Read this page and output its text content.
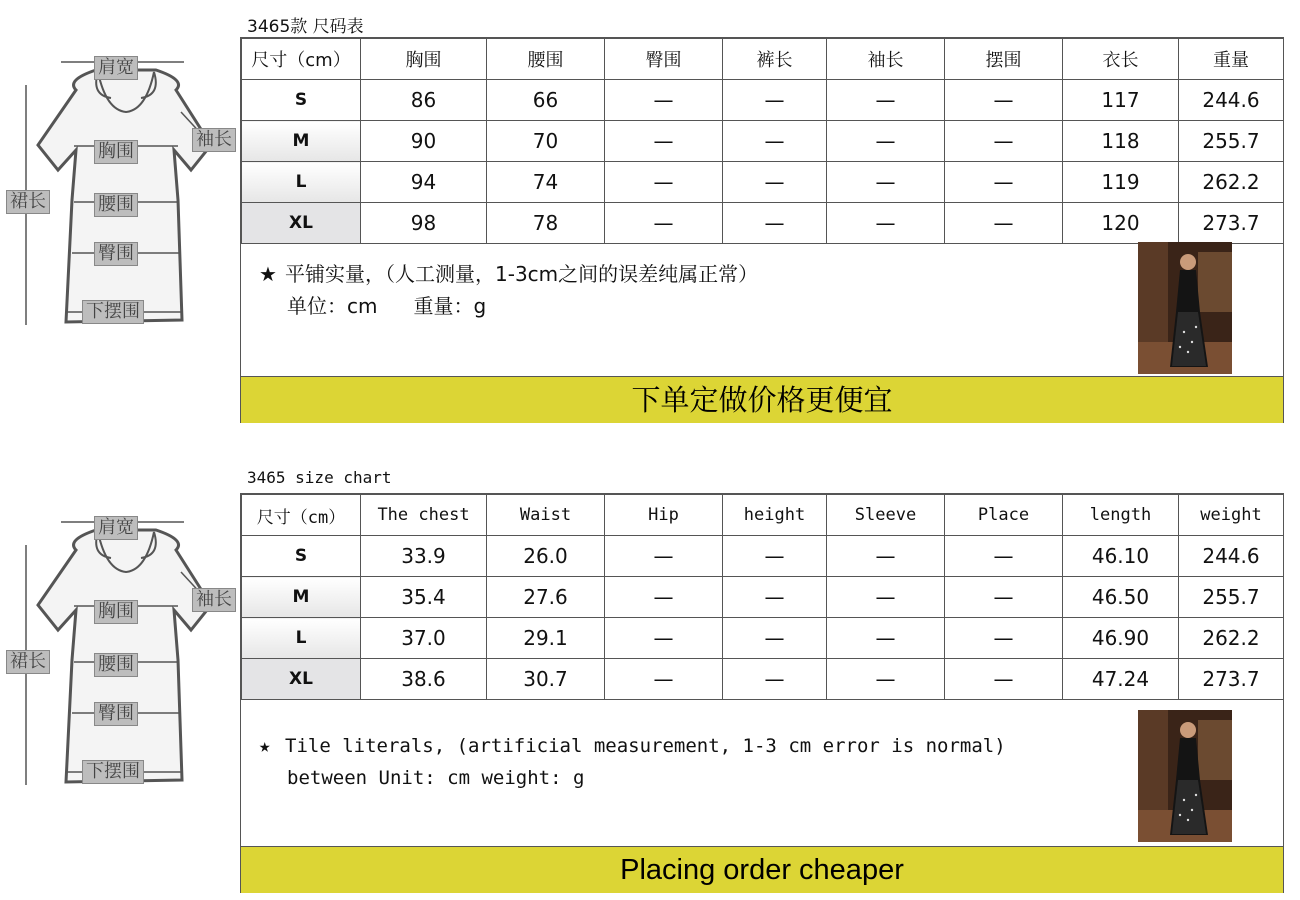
肩宽
袖长
胸围
裙长	腰围
臀围
下摆围
3465款 尺码表
尺寸（cm）	胸围	腰围	臀围	裤长	袖长	摆围	衣长	重量
S	86	66	—	—	—	—	117	244.6
M	90	70	—	—	—	—	118	255.7
L	94	74	—	—	—	—	119	262.2
XL	98	78	—	—	—	—	120	273.7
★ 平铺实量，（人工测量，1-3cm之间的误差纯属正常）
单位：cm 重量：g
下单定做价格更便宜
肩宽
袖长
胸围
裙长	腰围
臀围
下摆围
3465 size chart
尺寸（cm）	The chest	Waist	Hip	height	Sleeve	Place	length	weight
S	33.9	26.0	—	—	—	—	46.10	244.6
M	35.4	27.6	—	—	—	—	46.50	255.7
L	37.0	29.1	—	—	—	—	46.90	262.2
XL	38.6	30.7	—	—	—	—	47.24	273.7
★ Tile literals, (artificial measurement, 1-3 cm error is normal)
between Unit: cm weight: g
Placing order cheaper
